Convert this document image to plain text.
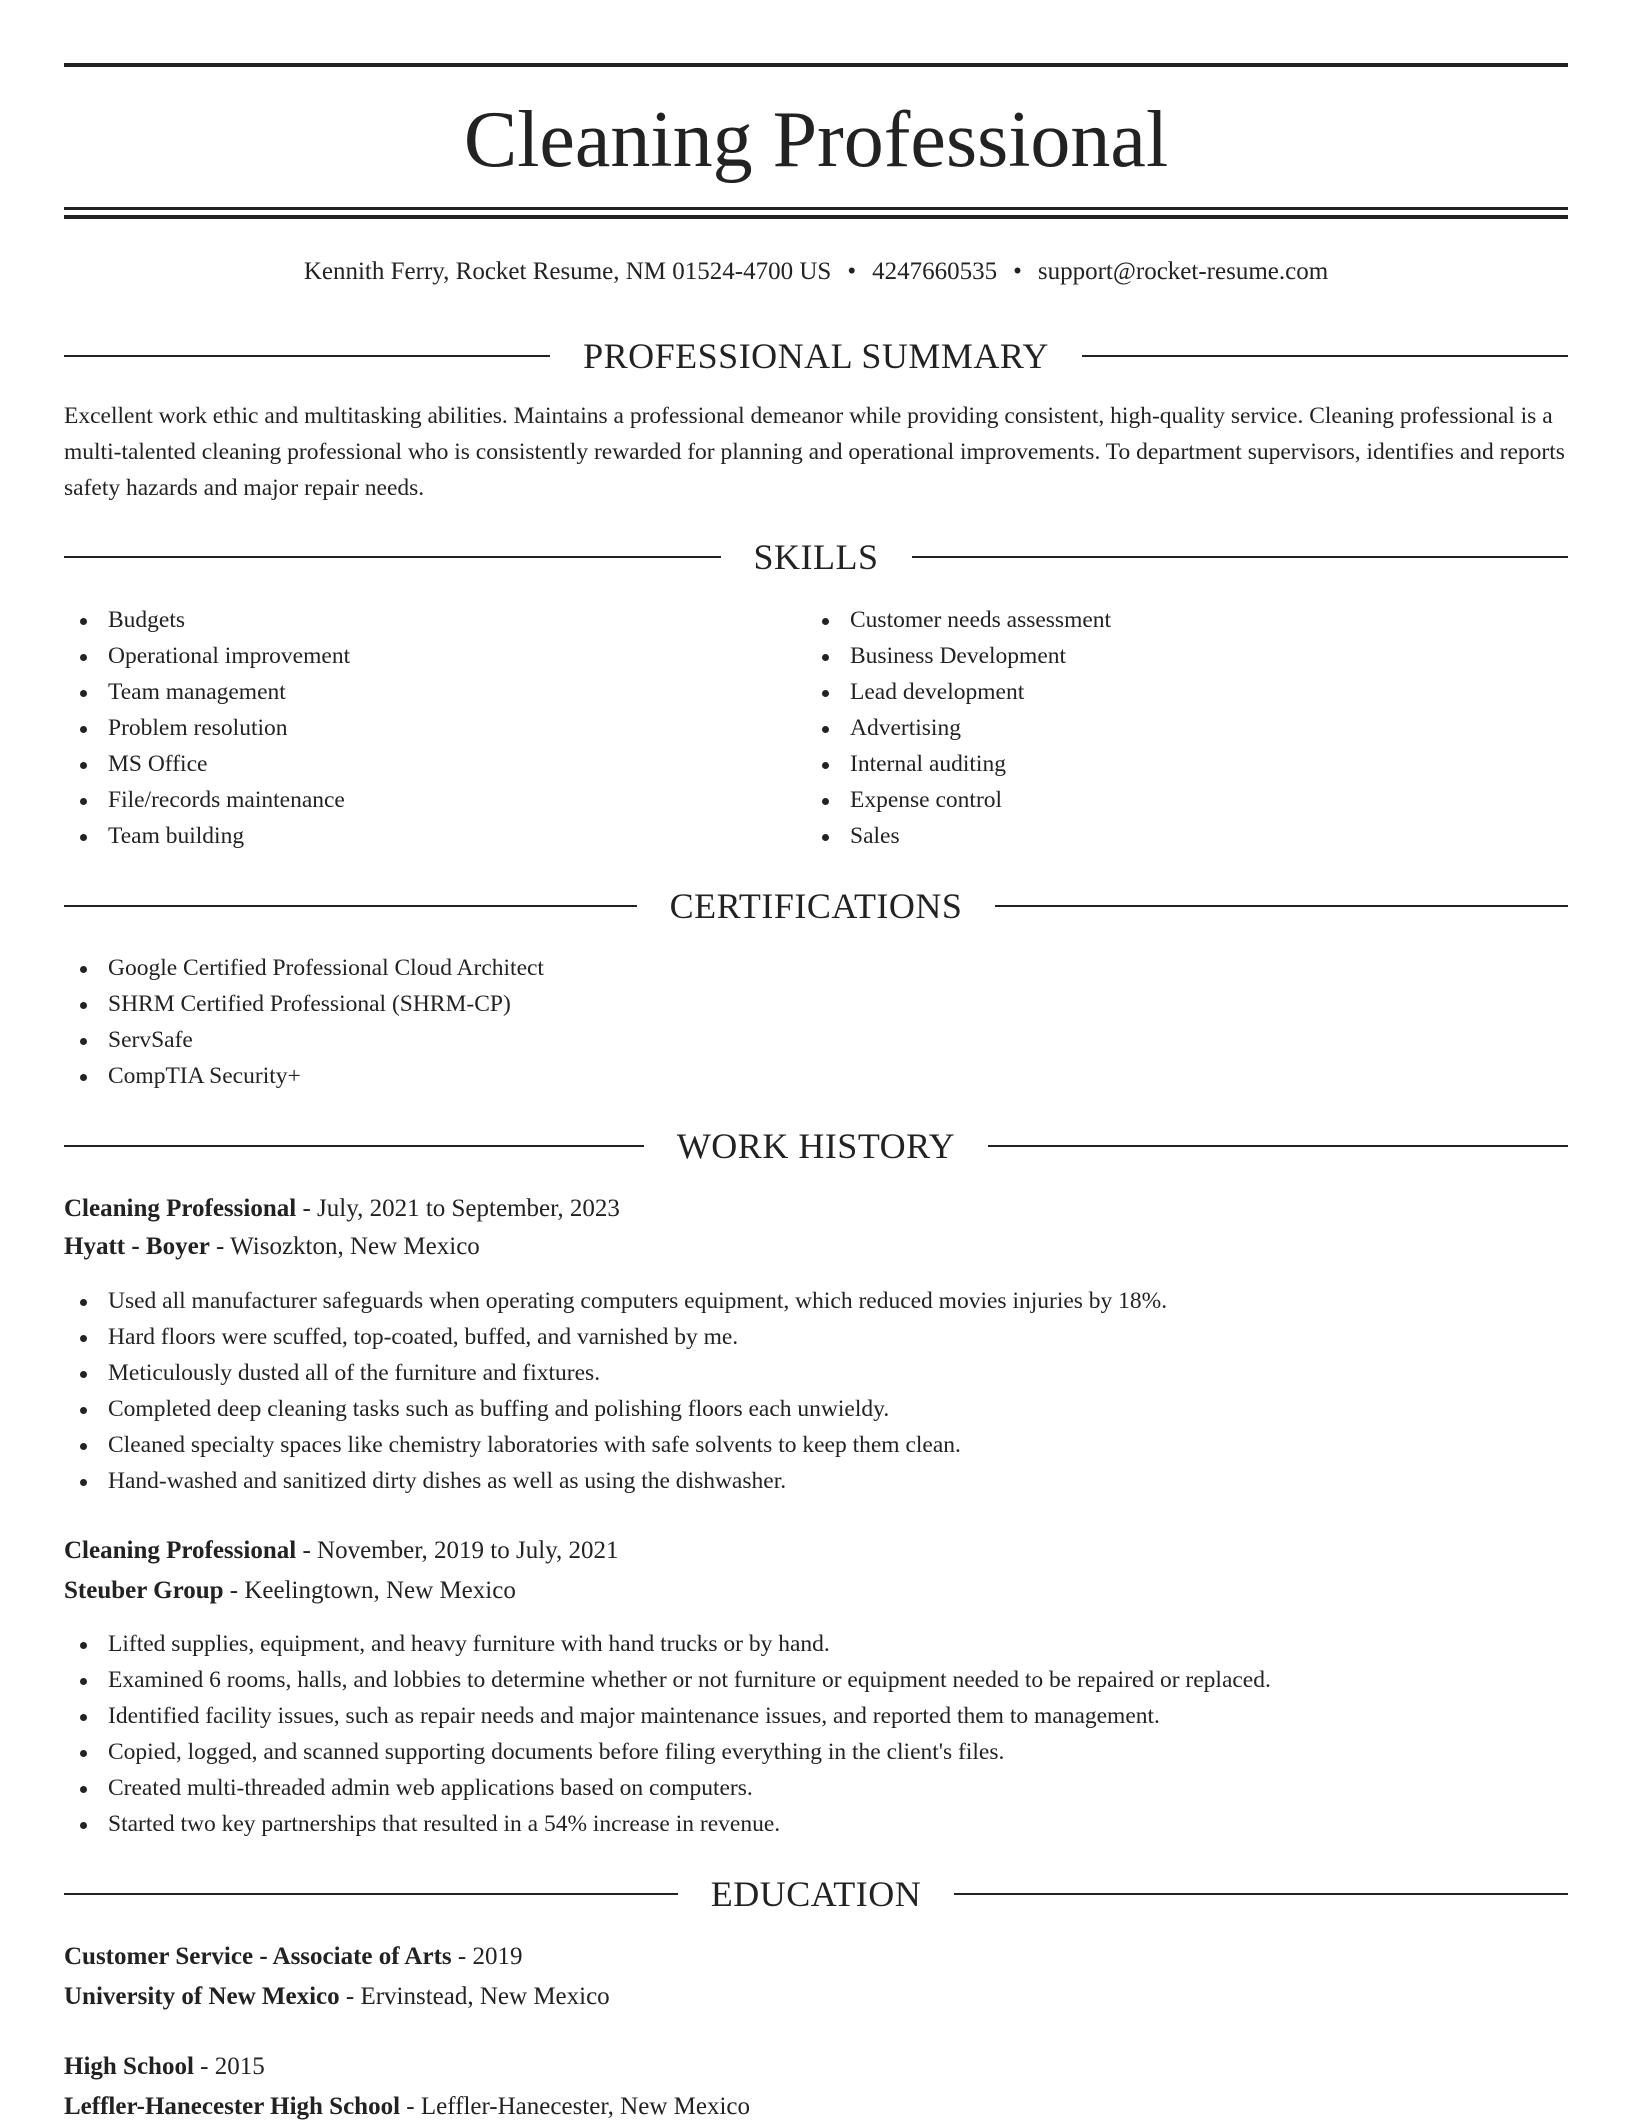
Cleaning Professional
Kennith Ferry, Rocket Resume, NM 01524-4700 US • 4247660535 • support@rocket-resume.com
PROFESSIONAL SUMMARY
Excellent work ethic and multitasking abilities. Maintains a professional demeanor while providing consistent, high-quality service. Cleaning professional is a multi-talented cleaning professional who is consistently rewarded for planning and operational improvements. To department supervisors, identifies and reports safety hazards and major repair needs.
SKILLS
Budgets
Operational improvement
Team management
Problem resolution
MS Office
File/records maintenance
Team building
Customer needs assessment
Business Development
Lead development
Advertising
Internal auditing
Expense control
Sales
CERTIFICATIONS
Google Certified Professional Cloud Architect
SHRM Certified Professional (SHRM-CP)
ServSafe
CompTIA Security+
WORK HISTORY
Cleaning Professional - July, 2021 to September, 2023
Hyatt - Boyer - Wisozkton, New Mexico
Used all manufacturer safeguards when operating computers equipment, which reduced movies injuries by 18%.
Hard floors were scuffed, top-coated, buffed, and varnished by me.
Meticulously dusted all of the furniture and fixtures.
Completed deep cleaning tasks such as buffing and polishing floors each unwieldy.
Cleaned specialty spaces like chemistry laboratories with safe solvents to keep them clean.
Hand-washed and sanitized dirty dishes as well as using the dishwasher.
Cleaning Professional - November, 2019 to July, 2021
Steuber Group - Keelingtown, New Mexico
Lifted supplies, equipment, and heavy furniture with hand trucks or by hand.
Examined 6 rooms, halls, and lobbies to determine whether or not furniture or equipment needed to be repaired or replaced.
Identified facility issues, such as repair needs and major maintenance issues, and reported them to management.
Copied, logged, and scanned supporting documents before filing everything in the client's files.
Created multi-threaded admin web applications based on computers.
Started two key partnerships that resulted in a 54% increase in revenue.
EDUCATION
Customer Service - Associate of Arts - 2019
University of New Mexico - Ervinstead, New Mexico
High School - 2015
Leffler-Hanecester High School - Leffler-Hanecester, New Mexico
